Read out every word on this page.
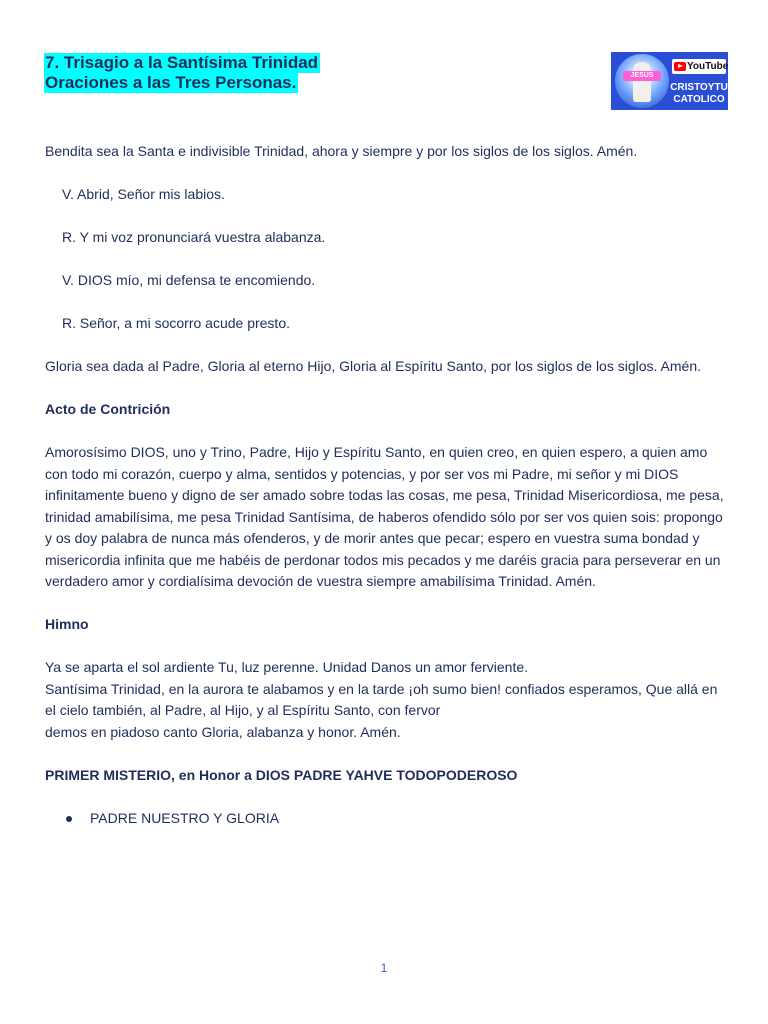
7. Trisagio a la Santísima Trinidad
Oraciones a las Tres Personas.	JESUS
YouTube
CRISTOYTU
CATOLICO

Bendita sea la Santa e indivisible Trinidad, ahora y siempre y por los siglos de los siglos. Amén.

V. Abrid, Señor mis labios.

R. Y mi voz pronunciará vuestra alabanza.

V. DIOS mío, mi defensa te encomiendo.

R. Señor, a mi socorro acude presto.

Gloria sea dada al Padre, Gloria al eterno Hijo, Gloria al Espíritu Santo, por los siglos de los siglos. Amén.

Acto de Contrición

Amorosísimo DIOS, uno y Trino, Padre, Hijo y Espíritu Santo, en quien creo, en quien espero, a quien amo con todo mi corazón, cuerpo y alma, sentidos y potencias, y por ser vos mi Padre, mi señor y mi DIOS infinitamente bueno y digno de ser amado sobre todas las cosas, me pesa, Trinidad Misericordiosa, me pesa, trinidad amabilísima, me pesa Trinidad Santísima, de haberos ofendido sólo por ser vos quien sois: propongo y os doy palabra de nunca más ofenderos, y de morir antes que pecar; espero en vuestra suma bondad y misericordia infinita que me habéis de perdonar todos mis pecados y me daréis gracia para perseverar en un verdadero amor y cordialísima devoción de vuestra siempre amabilísima Trinidad. Amén.

Himno

Ya se aparta el sol ardiente Tu, luz perenne. Unidad Danos un amor ferviente.

Santísima Trinidad, en la aurora te alabamos y en la tarde ¡oh sumo bien! confiados esperamos, Que allá en el cielo también, al Padre, al Hijo, y al Espíritu Santo, con fervor

demos en piadoso canto Gloria, alabanza y honor. Amén.

PRIMER MISTERIO, en Honor a DIOS PADRE YAHVE TODOPODEROSO

PADRE NUESTRO Y GLORIA
1
